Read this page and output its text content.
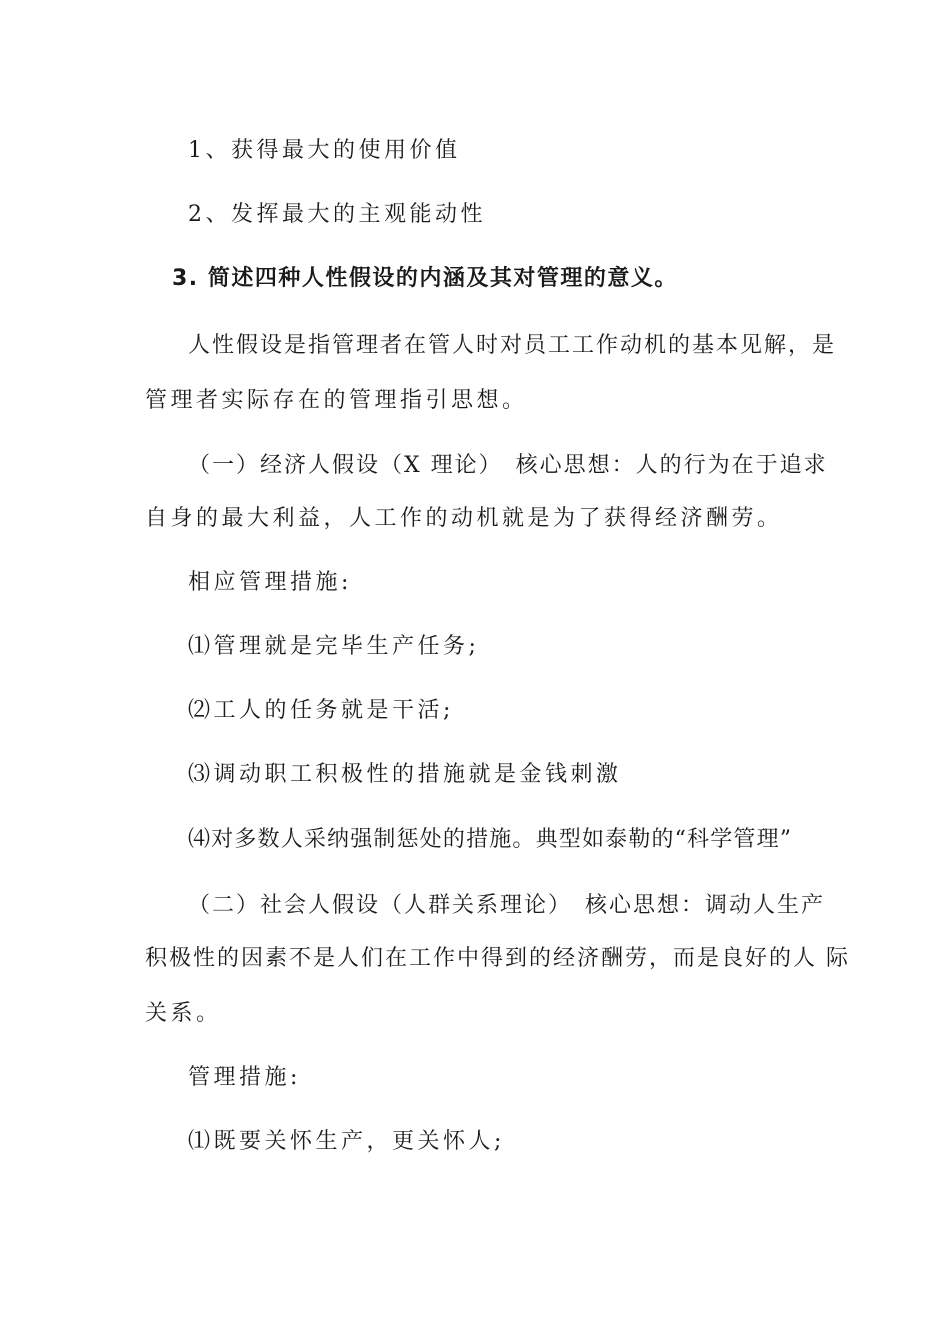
1、获得最大的使用价值
2、发挥最大的主观能动性
3. 简述四种人性假设的内涵及其对管理的意义。
人性假设是指管理者在管人时对员工工作动机的基本见解，是
管理者实际存在的管理指引思想。
（一）经济人假设（X 理论）　核心思想：人的行为在于追求
自身的最大利益，人工作的动机就是为了获得经济酬劳。
相应管理措施:
⑴管理就是完毕生产任务;
⑵工人的任务就是干活;
⑶调动职工积极性的措施就是金钱刺激
⑷对多数人采纳强制惩处的措施。典型如泰勒的“科学管理”
（二）社会人假设（人群关系理论）　核心思想：调动人生产
积极性的因素不是人们在工作中得到的经济酬劳，而是良好的人 际
关系。
管理措施:
⑴既要关怀生产，更关怀人;
